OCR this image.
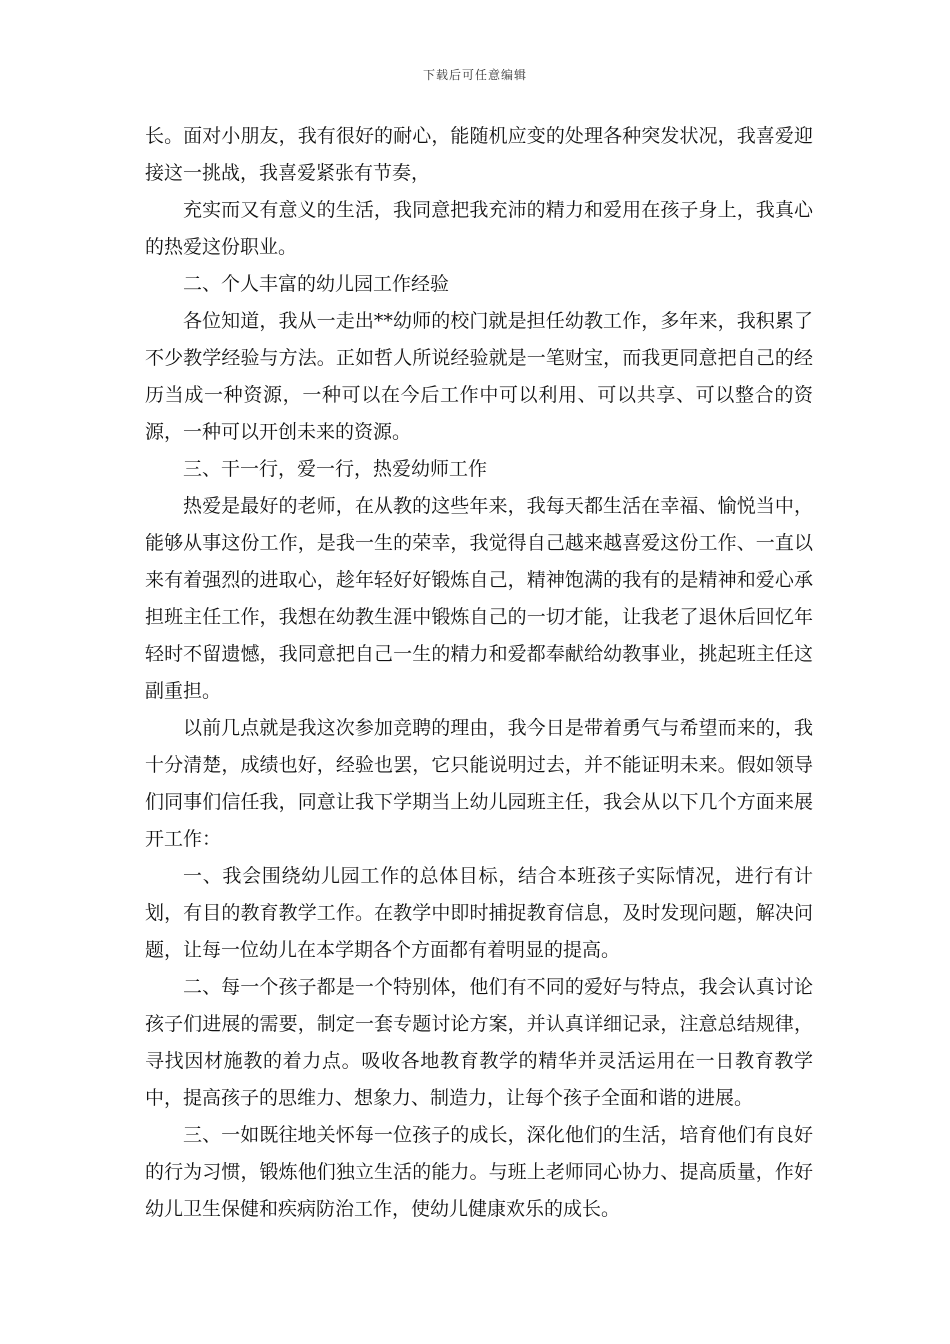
下载后可任意编辑

长。面对小朋友，我有很好的耐心，能随机应变的处理各种突发状况，我喜爱迎接这一挑战，我喜爱紧张有节奏，

充实而又有意义的生活，我同意把我充沛的精力和爱用在孩子身上，我真心的热爱这份职业。

二、个人丰富的幼儿园工作经验

各位知道，我从一走出**幼师的校门就是担任幼教工作，多年来，我积累了不少教学经验与方法。正如哲人所说经验就是一笔财宝，而我更同意把自己的经历当成一种资源，一种可以在今后工作中可以利用、可以共享、可以整合的资源，一种可以开创未来的资源。

三、干一行，爱一行，热爱幼师工作

热爱是最好的老师，在从教的这些年来，我每天都生活在幸福、愉悦当中，能够从事这份工作，是我一生的荣幸，我觉得自己越来越喜爱这份工作、一直以来有着强烈的进取心，趁年轻好好锻炼自己，精神饱满的我有的是精神和爱心承担班主任工作，我想在幼教生涯中锻炼自己的一切才能，让我老了退休后回忆年轻时不留遗憾，我同意把自己一生的精力和爱都奉献给幼教事业，挑起班主任这副重担。

以前几点就是我这次参加竞聘的理由，我今日是带着勇气与希望而来的，我十分清楚，成绩也好，经验也罢，它只能说明过去，并不能证明未来。假如领导们同事们信任我，同意让我下学期当上幼儿园班主任，我会从以下几个方面来展开工作：

一、我会围绕幼儿园工作的总体目标，结合本班孩子实际情况，进行有计划，有目的教育教学工作。在教学中即时捕捉教育信息，及时发现问题，解决问题，让每一位幼儿在本学期各个方面都有着明显的提高。

二、每一个孩子都是一个特别体，他们有不同的爱好与特点，我会认真讨论孩子们进展的需要，制定一套专题讨论方案，并认真详细记录，注意总结规律，寻找因材施教的着力点。吸收各地教育教学的精华并灵活运用在一日教育教学中，提高孩子的思维力、想象力、制造力，让每个孩子全面和谐的进展。

三、一如既往地关怀每一位孩子的成长，深化他们的生活，培育他们有良好的行为习惯，锻炼他们独立生活的能力。与班上老师同心协力、提高质量，作好幼儿卫生保健和疾病防治工作，使幼儿健康欢乐的成长。
